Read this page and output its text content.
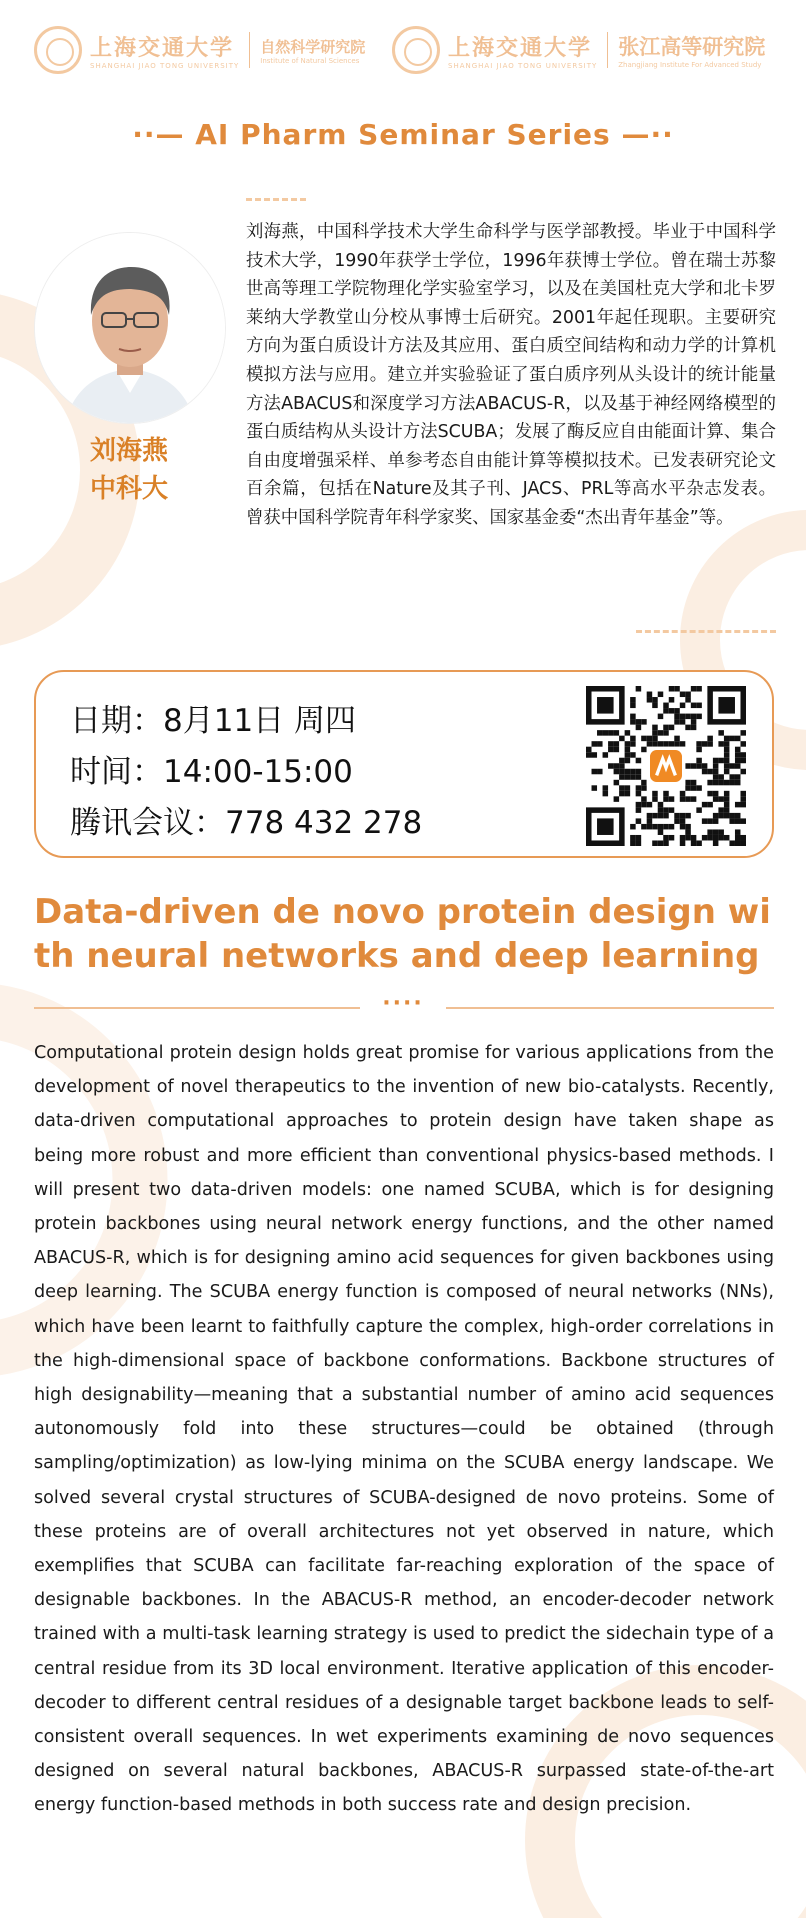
上海交通大学
SHANGHAI JIAO TONG UNIVERSITY
自然科学研究院
Institute of Natural Sciences	上海交通大学
SHANGHAI JIAO TONG UNIVERSITY
张江高等研究院
Zhangjiang Institute For Advanced Study
··— AI Pharm Seminar Series —··
刘海燕
中科大
刘海燕，中国科学技术大学生命科学与医学部教授。毕业于中国科学技术大学，1990年获学士学位，1996年获博士学位。曾在瑞士苏黎世高等理工学院物理化学实验室学习，以及在美国杜克大学和北卡罗莱纳大学教堂山分校从事博士后研究。2001年起任现职。主要研究方向为蛋白质设计方法及其应用、蛋白质空间结构和动力学的计算机模拟方法与应用。建立并实验验证了蛋白质序列从头设计的统计能量方法ABACUS和深度学习方法ABACUS-R，以及基于神经网络模型的蛋白质结构从头设计方法SCUBA；发展了酶反应自由能面计算、集合自由度增强采样、单参考态自由能计算等模拟技术。已发表研究论文百余篇，包括在Nature及其子刊、JACS、PRL等高水平杂志发表。曾获中国科学院青年科学家奖、国家基金委“杰出青年基金”等。
日期：8月11日 周四
时间：14:00-15:00
腾讯会议：778 432 278
Data-driven de novo protein design with neural networks and deep learning
····
Computational protein design holds great promise for various applications from the development of novel therapeutics to the invention of new bio-catalysts. Recently, data-driven computational approaches to protein design have taken shape as being more robust and more efficient than conventional physics-based methods. I will present two data-driven models: one named SCUBA, which is for designing protein backbones using neural network energy functions, and the other named ABACUS-R, which is for designing amino acid sequences for given backbones using deep learning. The SCUBA energy function is composed of neural networks (NNs), which have been learnt to faithfully capture the complex, high-order correlations in the high-dimensional space of backbone conformations. Backbone structures of high designability—meaning that a substantial number of amino acid sequences autonomously fold into these structures—could be obtained (through sampling/optimization) as low-lying minima on the SCUBA energy landscape. We solved several crystal structures of SCUBA-designed de novo proteins. Some of these proteins are of overall architectures not yet observed in nature, which exemplifies that SCUBA can facilitate far-reaching exploration of the space of designable backbones. In the ABACUS-R method, an encoder-decoder network trained with a multi-task learning strategy is used to predict the sidechain type of a central residue from its 3D local environment. Iterative application of this encoder-decoder to different central residues of a designable target backbone leads to self-consistent overall sequences. In wet experiments examining de novo sequences designed on several natural backbones, ABACUS-R surpassed state-of-the-art energy function-based methods in both success rate and design precision.
